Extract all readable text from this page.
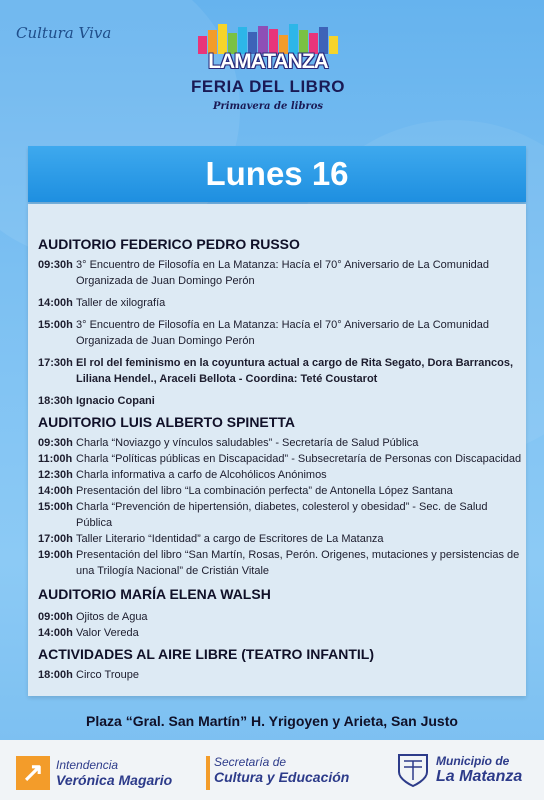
Cultura Viva
LAMATANZA
FERIA DEL LIBRO
Primavera de libros
Lunes 16
AUDITORIO FEDERICO PEDRO RUSSO
09:30h 3° Encuentro de Filosofía en La Matanza: Hacía el 70° Aniversario de La Comunidad Organizada de Juan Domingo Perón
14:00h Taller de xilografía
15:00h 3° Encuentro de Filosofía en La Matanza: Hacía el 70° Aniversario de La Comunidad Organizada de Juan Domingo Perón
17:30h El rol del feminismo en la coyuntura actual a cargo de Rita Segato, Dora Barrancos, Liliana Hendel., Araceli Bellota - Coordina: Teté Coustarot
18:30h Ignacio Copani
AUDITORIO LUIS ALBERTO SPINETTA
09:30h Charla “Noviazgo y vínculos saludables” - Secretaría de Salud Pública
11:00h Charla “Políticas públicas en Discapacidad” - Subsecretaría de Personas con Discapacidad
12:30h Charla informativa a carfo de Alcohólicos Anónimos
14:00h Presentación del libro “La combinación perfecta” de Antonella López Santana
15:00h Charla “Prevención de hipertensión, diabetes, colesterol y obesidad” - Sec. de Salud Pública
17:00h Taller Literario “Identidad” a cargo de Escritores de La Matanza
19:00h Presentación del libro “San Martín, Rosas, Perón. Origenes, mutaciones y persistencias de una Trilogía Nacional” de Cristián Vitale
AUDITORIO MARÍA ELENA WALSH
09:00h Ojitos de Agua
14:00h Valor Vereda
ACTIVIDADES AL AIRE LIBRE (TEATRO INFANTIL)
18:00h Circo Troupe
Plaza “Gral. San Martín” H. Yrigoyen y Arieta, San Justo
↗
Intendencia
Verónica Magario
Secretaría de
Cultura y Educación
Municipio de
La Matanza
